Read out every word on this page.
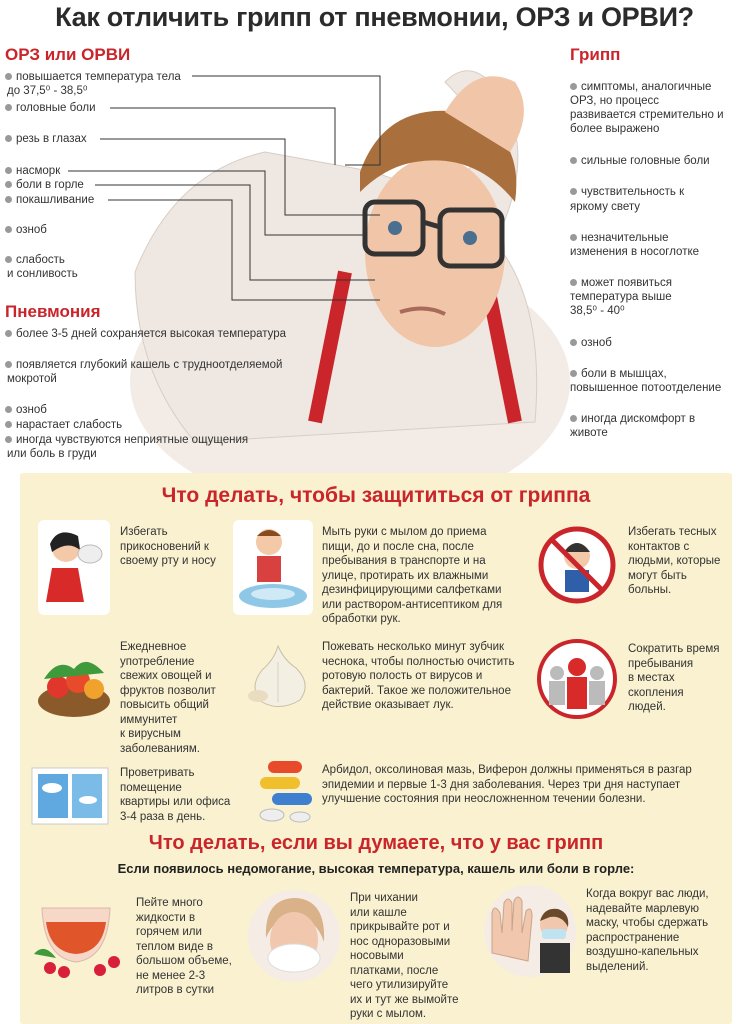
Как отличить грипп от пневмонии, ОРЗ и ОРВИ?
ОРЗ или ОРВИ
повышается температура тела
до 37,5⁰ - 38,5⁰
головные боли
резь в глазах
насморк
боли в горле
покашливание
озноб
слабость
и сонливость
Пневмония
более 3-5 дней сохраняется высокая температура
появляется глубокий кашель с трудноотделяемой
мокротой
озноб
нарастает слабость
иногда чувствуются неприятные ощущения
или боль в груди
Грипп
симптомы, аналогичные
ОРЗ, но процесс
развивается стремительно и
более выражено
сильные головные боли
чувствительность к
яркому свету
незначительные
изменения в носоглотке
может появиться
температура выше
38,5⁰ - 40⁰
озноб
боли в мышцах,
повышенное потоотделение
иногда дискомфорт в
животе
Что делать, чтобы защититься от гриппа
Избегать
прикосновений к
своему рту и носу
Мыть руки с мылом до приема
пищи, до и после сна, после
пребывания в транспорте и на
улице, протирать их влажными
дезинфицирующими салфетками
или раствором-антисептиком для
обработки рук.
Избегать тесных
контактов с
людьми, которые
могут быть
больны.
Ежедневное
употребление
свежих овощей и
фруктов позволит
повысить общий
иммунитет
к вирусным
заболеваниям.
Пожевать несколько минут зубчик
чеснока, чтобы полностью очистить
ротовую полость от вирусов и
бактерий. Такое же положительное
действие оказывает лук.
Сократить время
пребывания
в местах
скопления
людей.
Проветривать
помещение
квартиры или офиса
3-4 раза в день.
Арбидол, оксолиновая мазь, Виферон должны применяться в разгар
эпидемии и первые 1-3 дня заболевания. Через три дня наступает
улучшение состояния при неосложненном течении болезни.
Что делать, если вы думаете, что у вас грипп
Если появилось недомогание, высокая температура, кашель или боли в горле:
Пейте много
жидкости в
горячем или
теплом виде в
большом объеме,
не менее 2-3
литров в сутки
При чихании
или кашле
прикрывайте рот и
нос одноразовыми
носовыми
платками, после
чего утилизируйте
их и тут же вымойте
руки с мылом.
Когда вокруг вас люди,
надевайте марлевую
маску, чтобы сдержать
распространение
воздушно-капельных
выделений.
